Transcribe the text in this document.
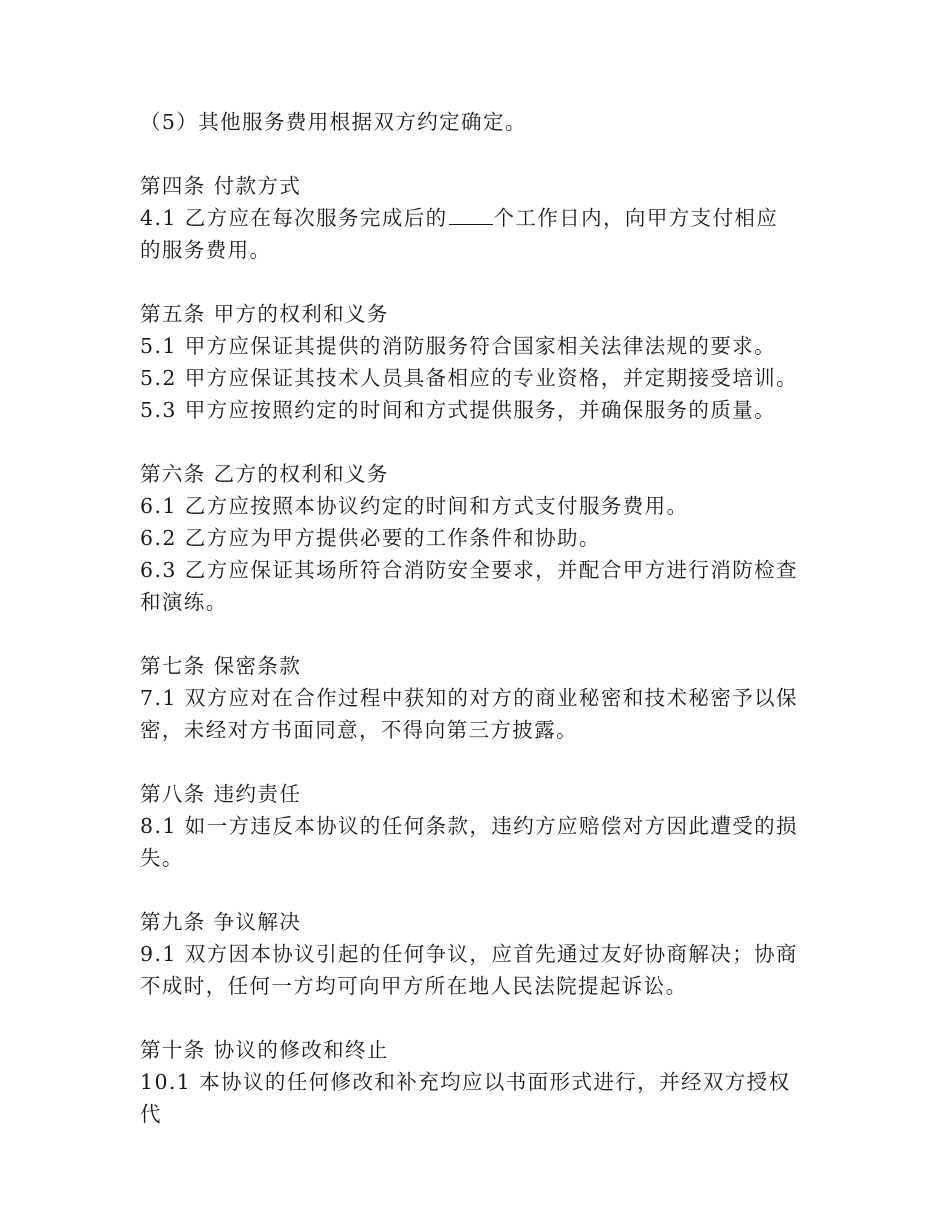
（5）其他服务费用根据双方约定确定。

第四条 付款方式

4.1 乙方应在每次服务完成后的 个工作日内，向甲方支付相应的服务费用。

第五条 甲方的权利和义务

5.1 甲方应保证其提供的消防服务符合国家相关法律法规的要求。

5.2 甲方应保证其技术人员具备相应的专业资格，并定期接受培训。

5.3 甲方应按照约定的时间和方式提供服务，并确保服务的质量。

第六条 乙方的权利和义务

6.1 乙方应按照本协议约定的时间和方式支付服务费用。

6.2 乙方应为甲方提供必要的工作条件和协助。

6.3 乙方应保证其场所符合消防安全要求，并配合甲方进行消防检查和演练。

第七条 保密条款

7.1 双方应对在合作过程中获知的对方的商业秘密和技术秘密予以保密，未经对方书面同意，不得向第三方披露。

第八条 违约责任

8.1 如一方违反本协议的任何条款，违约方应赔偿对方因此遭受的损失。

第九条 争议解决

9.1 双方因本协议引起的任何争议，应首先通过友好协商解决；协商不成时，任何一方均可向甲方所在地人民法院提起诉讼。

第十条 协议的修改和终止

10.1 本协议的任何修改和补充均应以书面形式进行，并经双方授权代
